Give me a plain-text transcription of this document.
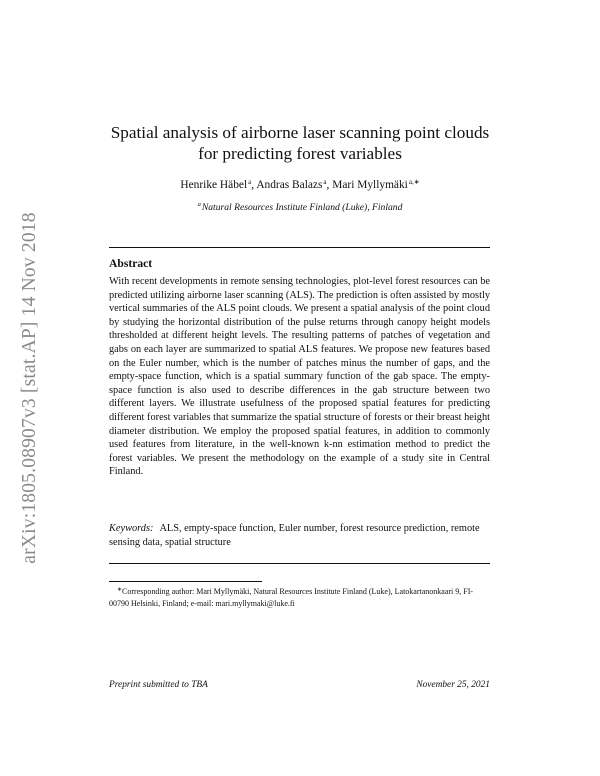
arXiv:1805.08907v3 [stat.AP] 14 Nov 2018
Spatial analysis of airborne laser scanning point clouds
for predicting forest variables
Henrike Häbel$^a$, Andras Balazs$^a$, Mari Myllymäki$^{a,∗}$
$^a$Natural Resources Institute Finland (Luke), Finland
Abstract
With recent developments in remote sensing technologies, plot-level forest resources can be predicted utilizing airborne laser scanning (ALS). The prediction is often assisted by mostly vertical summaries of the ALS point clouds. We present a spatial analysis of the point cloud by studying the horizontal distribution of the pulse returns through canopy height models thresholded at different height levels. The resulting patterns of patches of vegetation and gabs on each layer are summarized to spatial ALS features. We propose new features based on the Euler number, which is the number of patches minus the number of gaps, and the empty-space function, which is a spatial summary function of the gab space. The empty-space function is also used to describe differences in the gab structure between two different layers. We illustrate usefulness of the proposed spatial features for predicting different forest variables that summarize the spatial structure of forests or their breast height diameter distribution. We employ the proposed spatial features, in addition to commonly used features from literature, in the well-known k-nn estimation method to predict the forest variables. We present the methodology on the example of a study site in Central Finland.
Keywords: ALS, empty-space function, Euler number, forest resource prediction, remote sensing data, spatial structure
∗Corresponding author: Mari Myllymäki, Natural Resources Institute Finland (Luke), Latokartanonkaari 9, FI-00790 Helsinki, Finland; e-mail: mari.myllymaki@luke.fi
Preprint submitted to TBA	November 25, 2021
